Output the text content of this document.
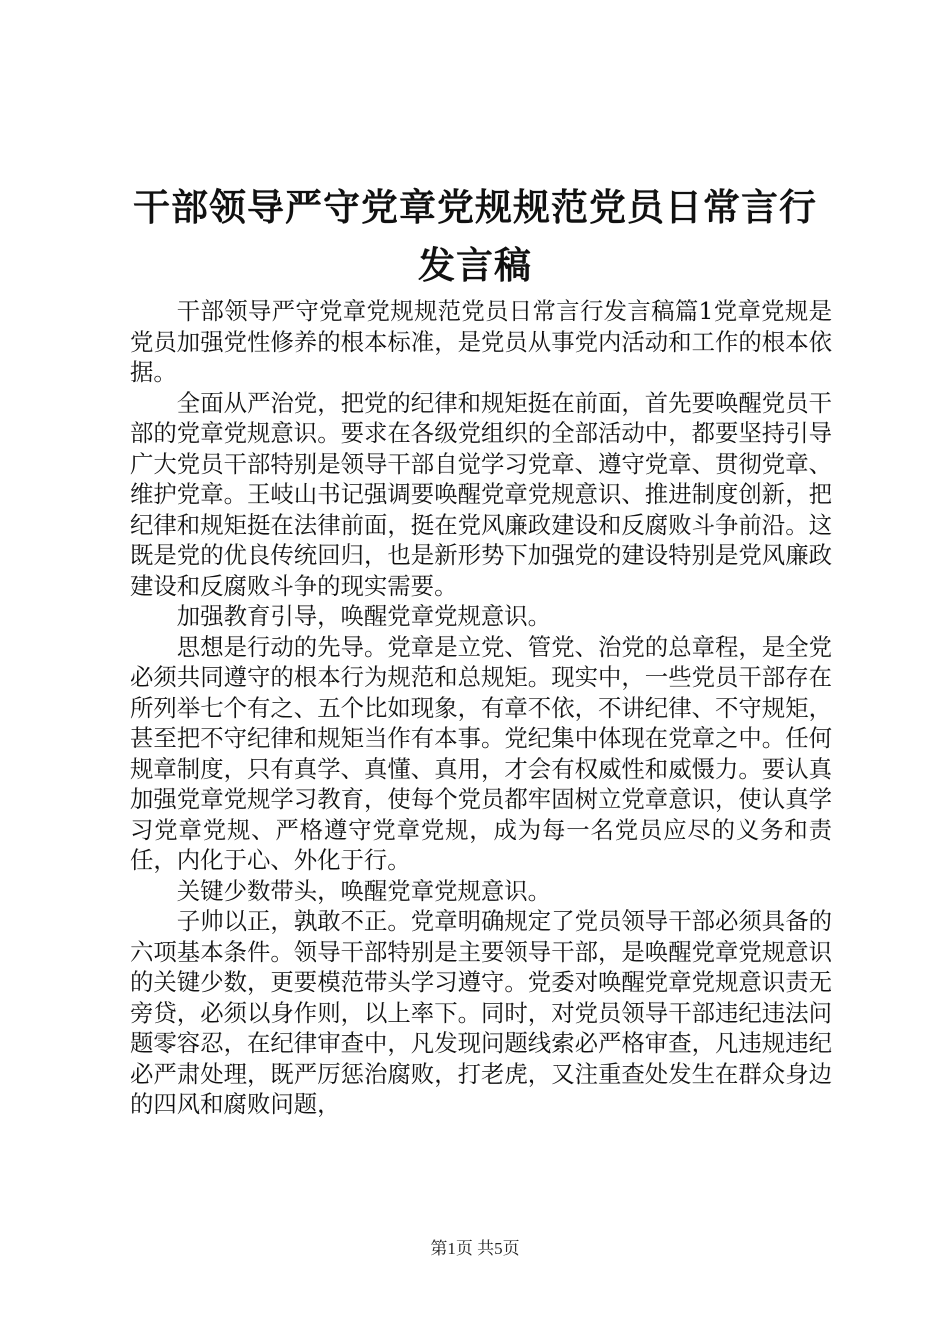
干部领导严守党章党规规范党员日常言行发言稿

干部领导严守党章党规规范党员日常言行发言稿篇1党章党规是党员加强党性修养的根本标准，是党员从事党内活动和工作的根本依据。

全面从严治党，把党的纪律和规矩挺在前面，首先要唤醒党员干部的党章党规意识。要求在各级党组织的全部活动中，都要坚持引导广大党员干部特别是领导干部自觉学习党章、遵守党章、贯彻党章、维护党章。王岐山书记强调要唤醒党章党规意识、推进制度创新，把纪律和规矩挺在法律前面，挺在党风廉政建设和反腐败斗争前沿。这既是党的优良传统回归，也是新形势下加强党的建设特别是党风廉政建设和反腐败斗争的现实需要。

加强教育引导，唤醒党章党规意识。

思想是行动的先导。党章是立党、管党、治党的总章程，是全党必须共同遵守的根本行为规范和总规矩。现实中，一些党员干部存在所列举七个有之、五个比如现象，有章不依，不讲纪律、不守规矩，甚至把不守纪律和规矩当作有本事。党纪集中体现在党章之中。任何规章制度，只有真学、真懂、真用，才会有权威性和威慑力。要认真加强党章党规学习教育，使每个党员都牢固树立党章意识，使认真学习党章党规、严格遵守党章党规，成为每一名党员应尽的义务和责任，内化于心、外化于行。

关键少数带头，唤醒党章党规意识。

子帅以正，孰敢不正。党章明确规定了党员领导干部必须具备的六项基本条件。领导干部特别是主要领导干部，是唤醒党章党规意识的关键少数，更要模范带头学习遵守。党委对唤醒党章党规意识责无旁贷，必须以身作则，以上率下。同时，对党员领导干部违纪违法问题零容忍，在纪律审查中，凡发现问题线索必严格审查，凡违规违纪必严肃处理，既严厉惩治腐败，打老虎，又注重查处发生在群众身边的四风和腐败问题，

第1页 共5页
